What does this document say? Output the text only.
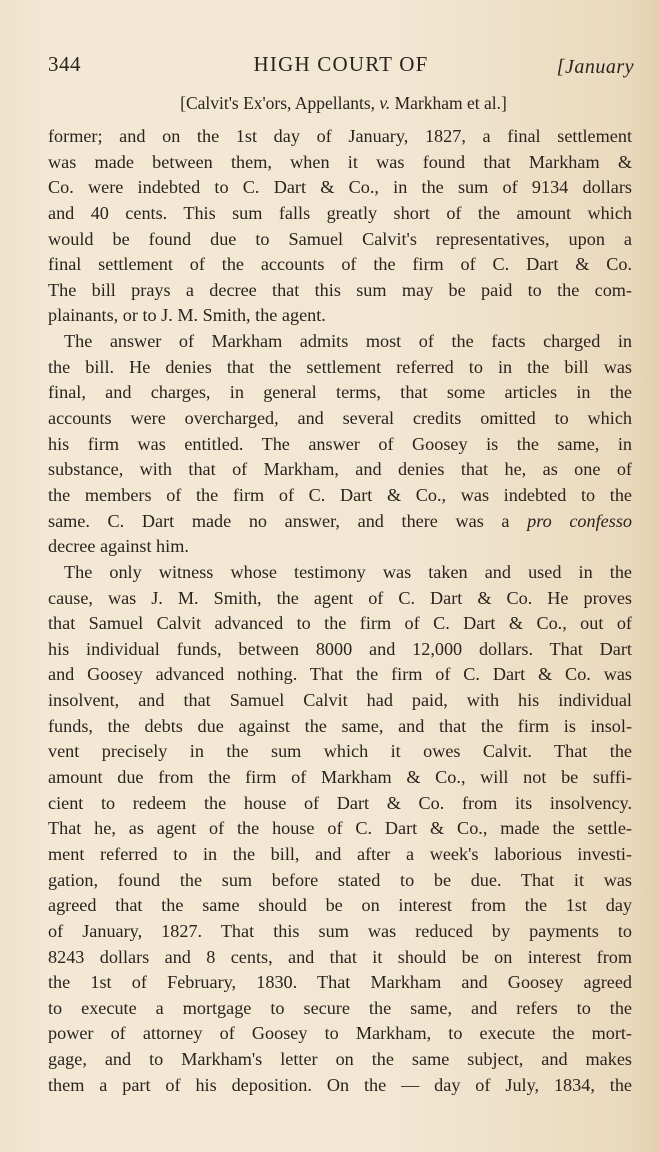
344	HIGH COURT OF	[January
[Calvit's Ex'ors, Appellants, v. Markham et al.]
former; and on the 1st day of January, 1827, a final settlement
was made between them, when it was found that Markham &
Co. were indebted to C. Dart & Co., in the sum of 9134 dollars
and 40 cents. This sum falls greatly short of the amount which
would be found due to Samuel Calvit's representatives, upon a
final settlement of the accounts of the firm of C. Dart & Co.
The bill prays a decree that this sum may be paid to the com-
plainants, or to J. M. Smith, the agent.
The answer of Markham admits most of the facts charged in
the bill. He denies that the settlement referred to in the bill was
final, and charges, in general terms, that some articles in the
accounts were overcharged, and several credits omitted to which
his firm was entitled. The answer of Goosey is the same, in
substance, with that of Markham, and denies that he, as one of
the members of the firm of C. Dart & Co., was indebted to the
same. C. Dart made no answer, and there was a pro confesso
decree against him.
The only witness whose testimony was taken and used in the
cause, was J. M. Smith, the agent of C. Dart & Co. He proves
that Samuel Calvit advanced to the firm of C. Dart & Co., out of
his individual funds, between 8000 and 12,000 dollars. That Dart
and Goosey advanced nothing. That the firm of C. Dart & Co. was
insolvent, and that Samuel Calvit had paid, with his individual
funds, the debts due against the same, and that the firm is insol-
vent precisely in the sum which it owes Calvit. That the
amount due from the firm of Markham & Co., will not be suffi-
cient to redeem the house of Dart & Co. from its insolvency.
That he, as agent of the house of C. Dart & Co., made the settle-
ment referred to in the bill, and after a week's laborious investi-
gation, found the sum before stated to be due. That it was
agreed that the same should be on interest from the 1st day
of January, 1827. That this sum was reduced by payments to
8243 dollars and 8 cents, and that it should be on interest from
the 1st of February, 1830. That Markham and Goosey agreed
to execute a mortgage to secure the same, and refers to the
power of attorney of Goosey to Markham, to execute the mort-
gage, and to Markham's letter on the same subject, and makes
them a part of his deposition. On the — day of July, 1834, the
